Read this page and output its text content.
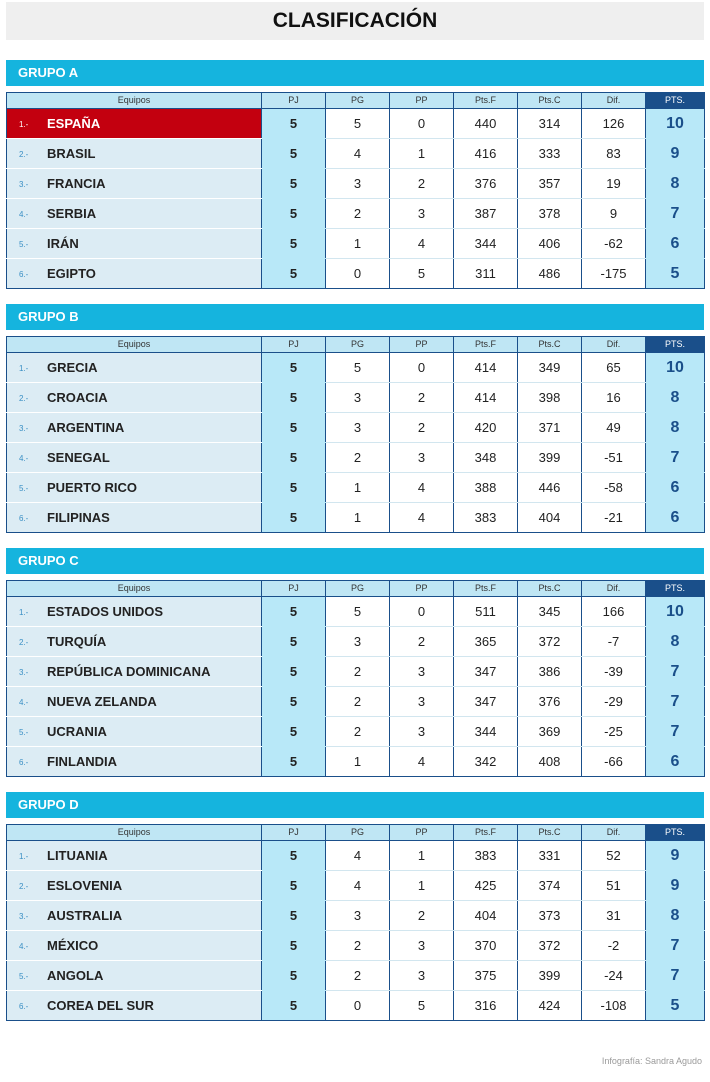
CLASIFICACIÓN
GRUPO A
Equipos	PJ	PG	PP	Pts.F	Pts.C	Dif.	PTS.
1.- ESPAÑA	5	5	0	440	314	126	10
2.- BRASIL	5	4	1	416	333	83	9
3.- FRANCIA	5	3	2	376	357	19	8
4.- SERBIA	5	2	3	387	378	9	7
5.- IRÁN	5	1	4	344	406	-62	6
6.- EGIPTO	5	0	5	311	486	-175	5
GRUPO B
Equipos	PJ	PG	PP	Pts.F	Pts.C	Dif.	PTS.
1.- GRECIA	5	5	0	414	349	65	10
2.- CROACIA	5	3	2	414	398	16	8
3.- ARGENTINA	5	3	2	420	371	49	8
4.- SENEGAL	5	2	3	348	399	-51	7
5.- PUERTO RICO	5	1	4	388	446	-58	6
6.- FILIPINAS	5	1	4	383	404	-21	6
GRUPO C
Equipos	PJ	PG	PP	Pts.F	Pts.C	Dif.	PTS.
1.- ESTADOS UNIDOS	5	5	0	511	345	166	10
2.- TURQUÍA	5	3	2	365	372	-7	8
3.- REPÚBLICA DOMINICANA	5	2	3	347	386	-39	7
4.- NUEVA ZELANDA	5	2	3	347	376	-29	7
5.- UCRANIA	5	2	3	344	369	-25	7
6.- FINLANDIA	5	1	4	342	408	-66	6
GRUPO D
Equipos	PJ	PG	PP	Pts.F	Pts.C	Dif.	PTS.
1.- LITUANIA	5	4	1	383	331	52	9
2.- ESLOVENIA	5	4	1	425	374	51	9
3.- AUSTRALIA	5	3	2	404	373	31	8
4.- MÉXICO	5	2	3	370	372	-2	7
5.- ANGOLA	5	2	3	375	399	-24	7
6.- COREA DEL SUR	5	0	5	316	424	-108	5
Infografía: Sandra Agudo
